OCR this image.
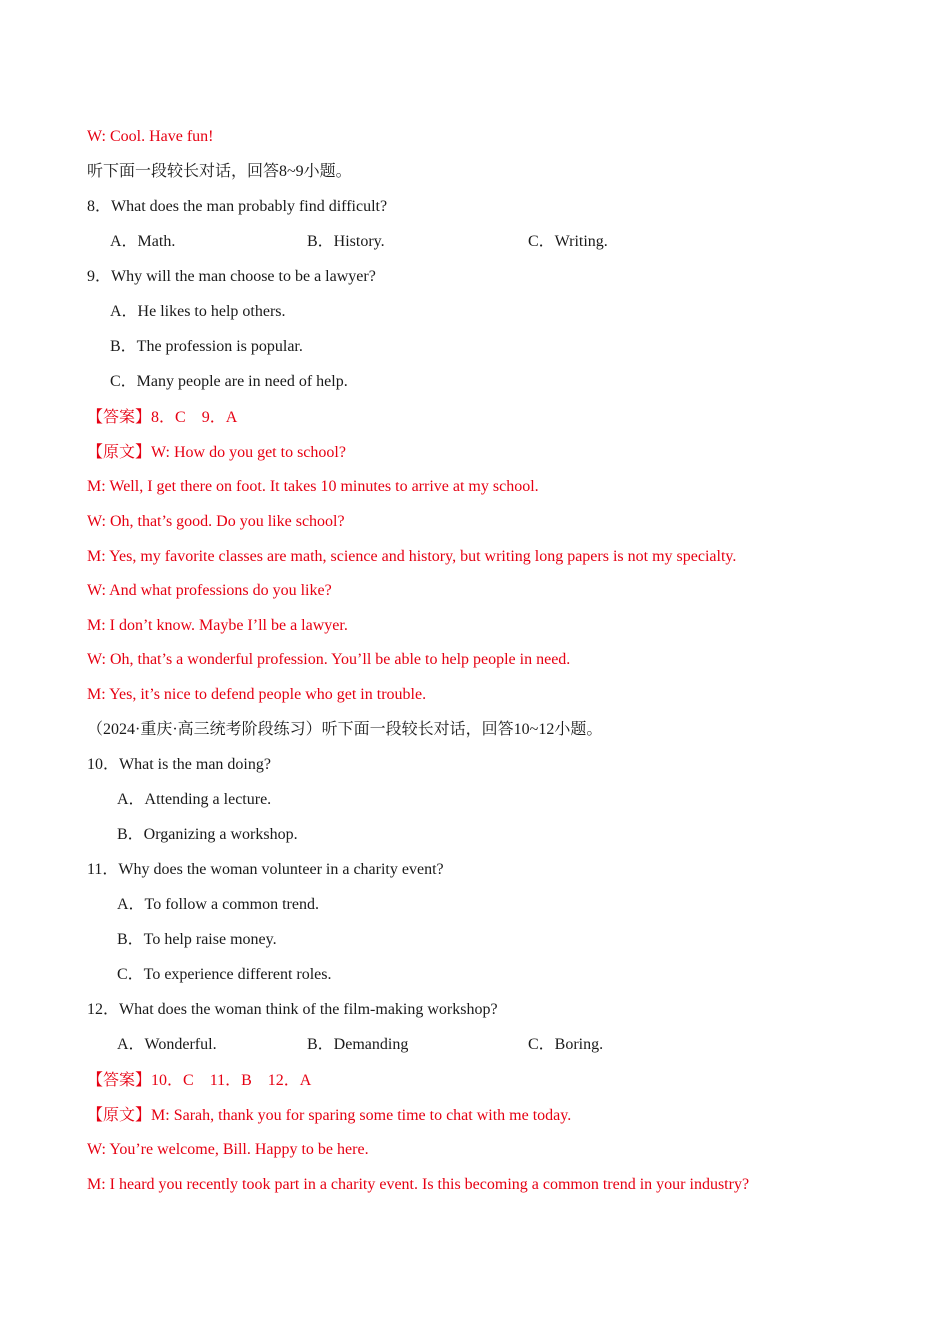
W: Cool. Have fun!
听下面一段较长对话，回答8~9小题。
8．What does the man probably find difficult?
A．Math.	B．History.	C．Writing.
9．Why will the man choose to be a lawyer?
A．He likes to help others.
B．The profession is popular.
C．Many people are in need of help.
【答案】8．C　9．A
【原文】W: How do you get to school?
M: Well, I get there on foot. It takes 10 minutes to arrive at my school.
W: Oh, that’s good. Do you like school?
M: Yes, my favorite classes are math, science and history, but writing long papers is not my specialty.
W: And what professions do you like?
M: I don’t know. Maybe I’ll be a lawyer.
W: Oh, that’s a wonderful profession. You’ll be able to help people in need.
M: Yes, it’s nice to defend people who get in trouble.
（2024·重庆·高三统考阶段练习）听下面一段较长对话，回答10~12小题。
10．What is the man doing?
A．Attending a lecture.
B．Organizing a workshop.
11．Why does the woman volunteer in a charity event?
A．To follow a common trend.
B．To help raise money.
C．To experience different roles.
12．What does the woman think of the film-making workshop?
A．Wonderful.	B．Demanding	C．Boring.
【答案】10．C　11．B　12．A
【原文】M: Sarah, thank you for sparing some time to chat with me today.
W: You’re welcome, Bill. Happy to be here.
M: I heard you recently took part in a charity event. Is this becoming a common trend in your industry?
